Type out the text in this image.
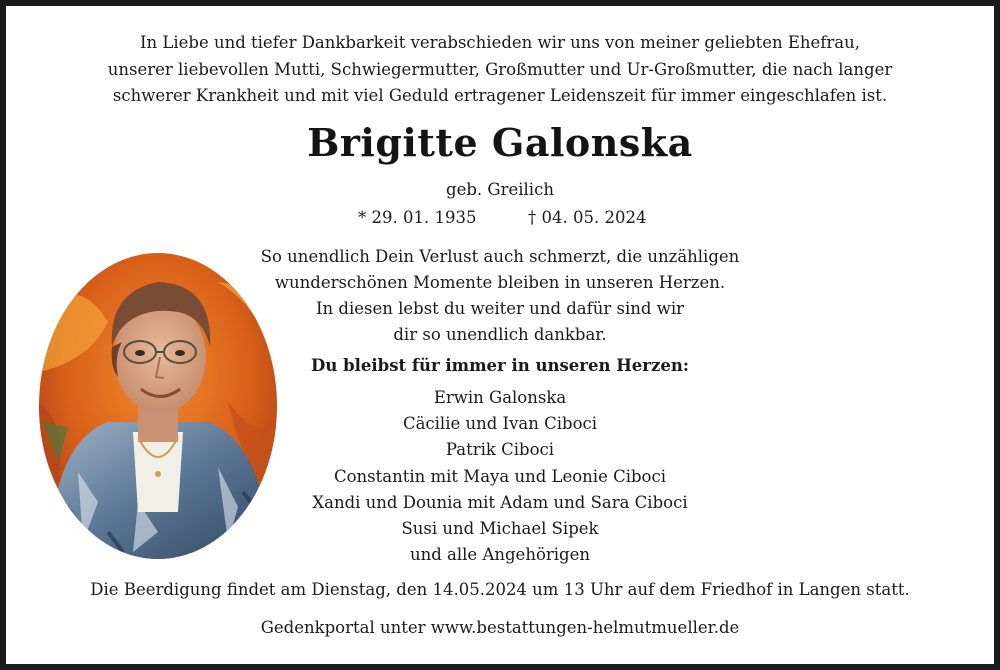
In Liebe und tiefer Dankbarkeit verabschieden wir uns von meiner geliebten Ehefrau,
unserer liebevollen Mutti, Schwiegermutter, Großmutter und Ur-Großmutter, die nach langer
schwerer Krankheit und mit viel Geduld ertragener Leidenszeit für immer eingeschlafen ist.
Brigitte Galonska
geb. Greilich
* 29. 01. 1935	† 04. 05. 2024
So unendlich Dein Verlust auch schmerzt, die unzähligen
wunderschönen Momente bleiben in unseren Herzen.
In diesen lebst du weiter und dafür sind wir
dir so unendlich dankbar.
Du bleibst für immer in unseren Herzen:
Erwin Galonska
Cäcilie und Ivan Ciboci
Patrik Ciboci
Constantin mit Maya und Leonie Ciboci
Xandi und Dounia mit Adam und Sara Ciboci
Susi und Michael Sipek
und alle Angehörigen
Die Beerdigung findet am Dienstag, den 14.05.2024 um 13 Uhr auf dem Friedhof in Langen statt.
Gedenkportal unter www.bestattungen-helmutmueller.de
